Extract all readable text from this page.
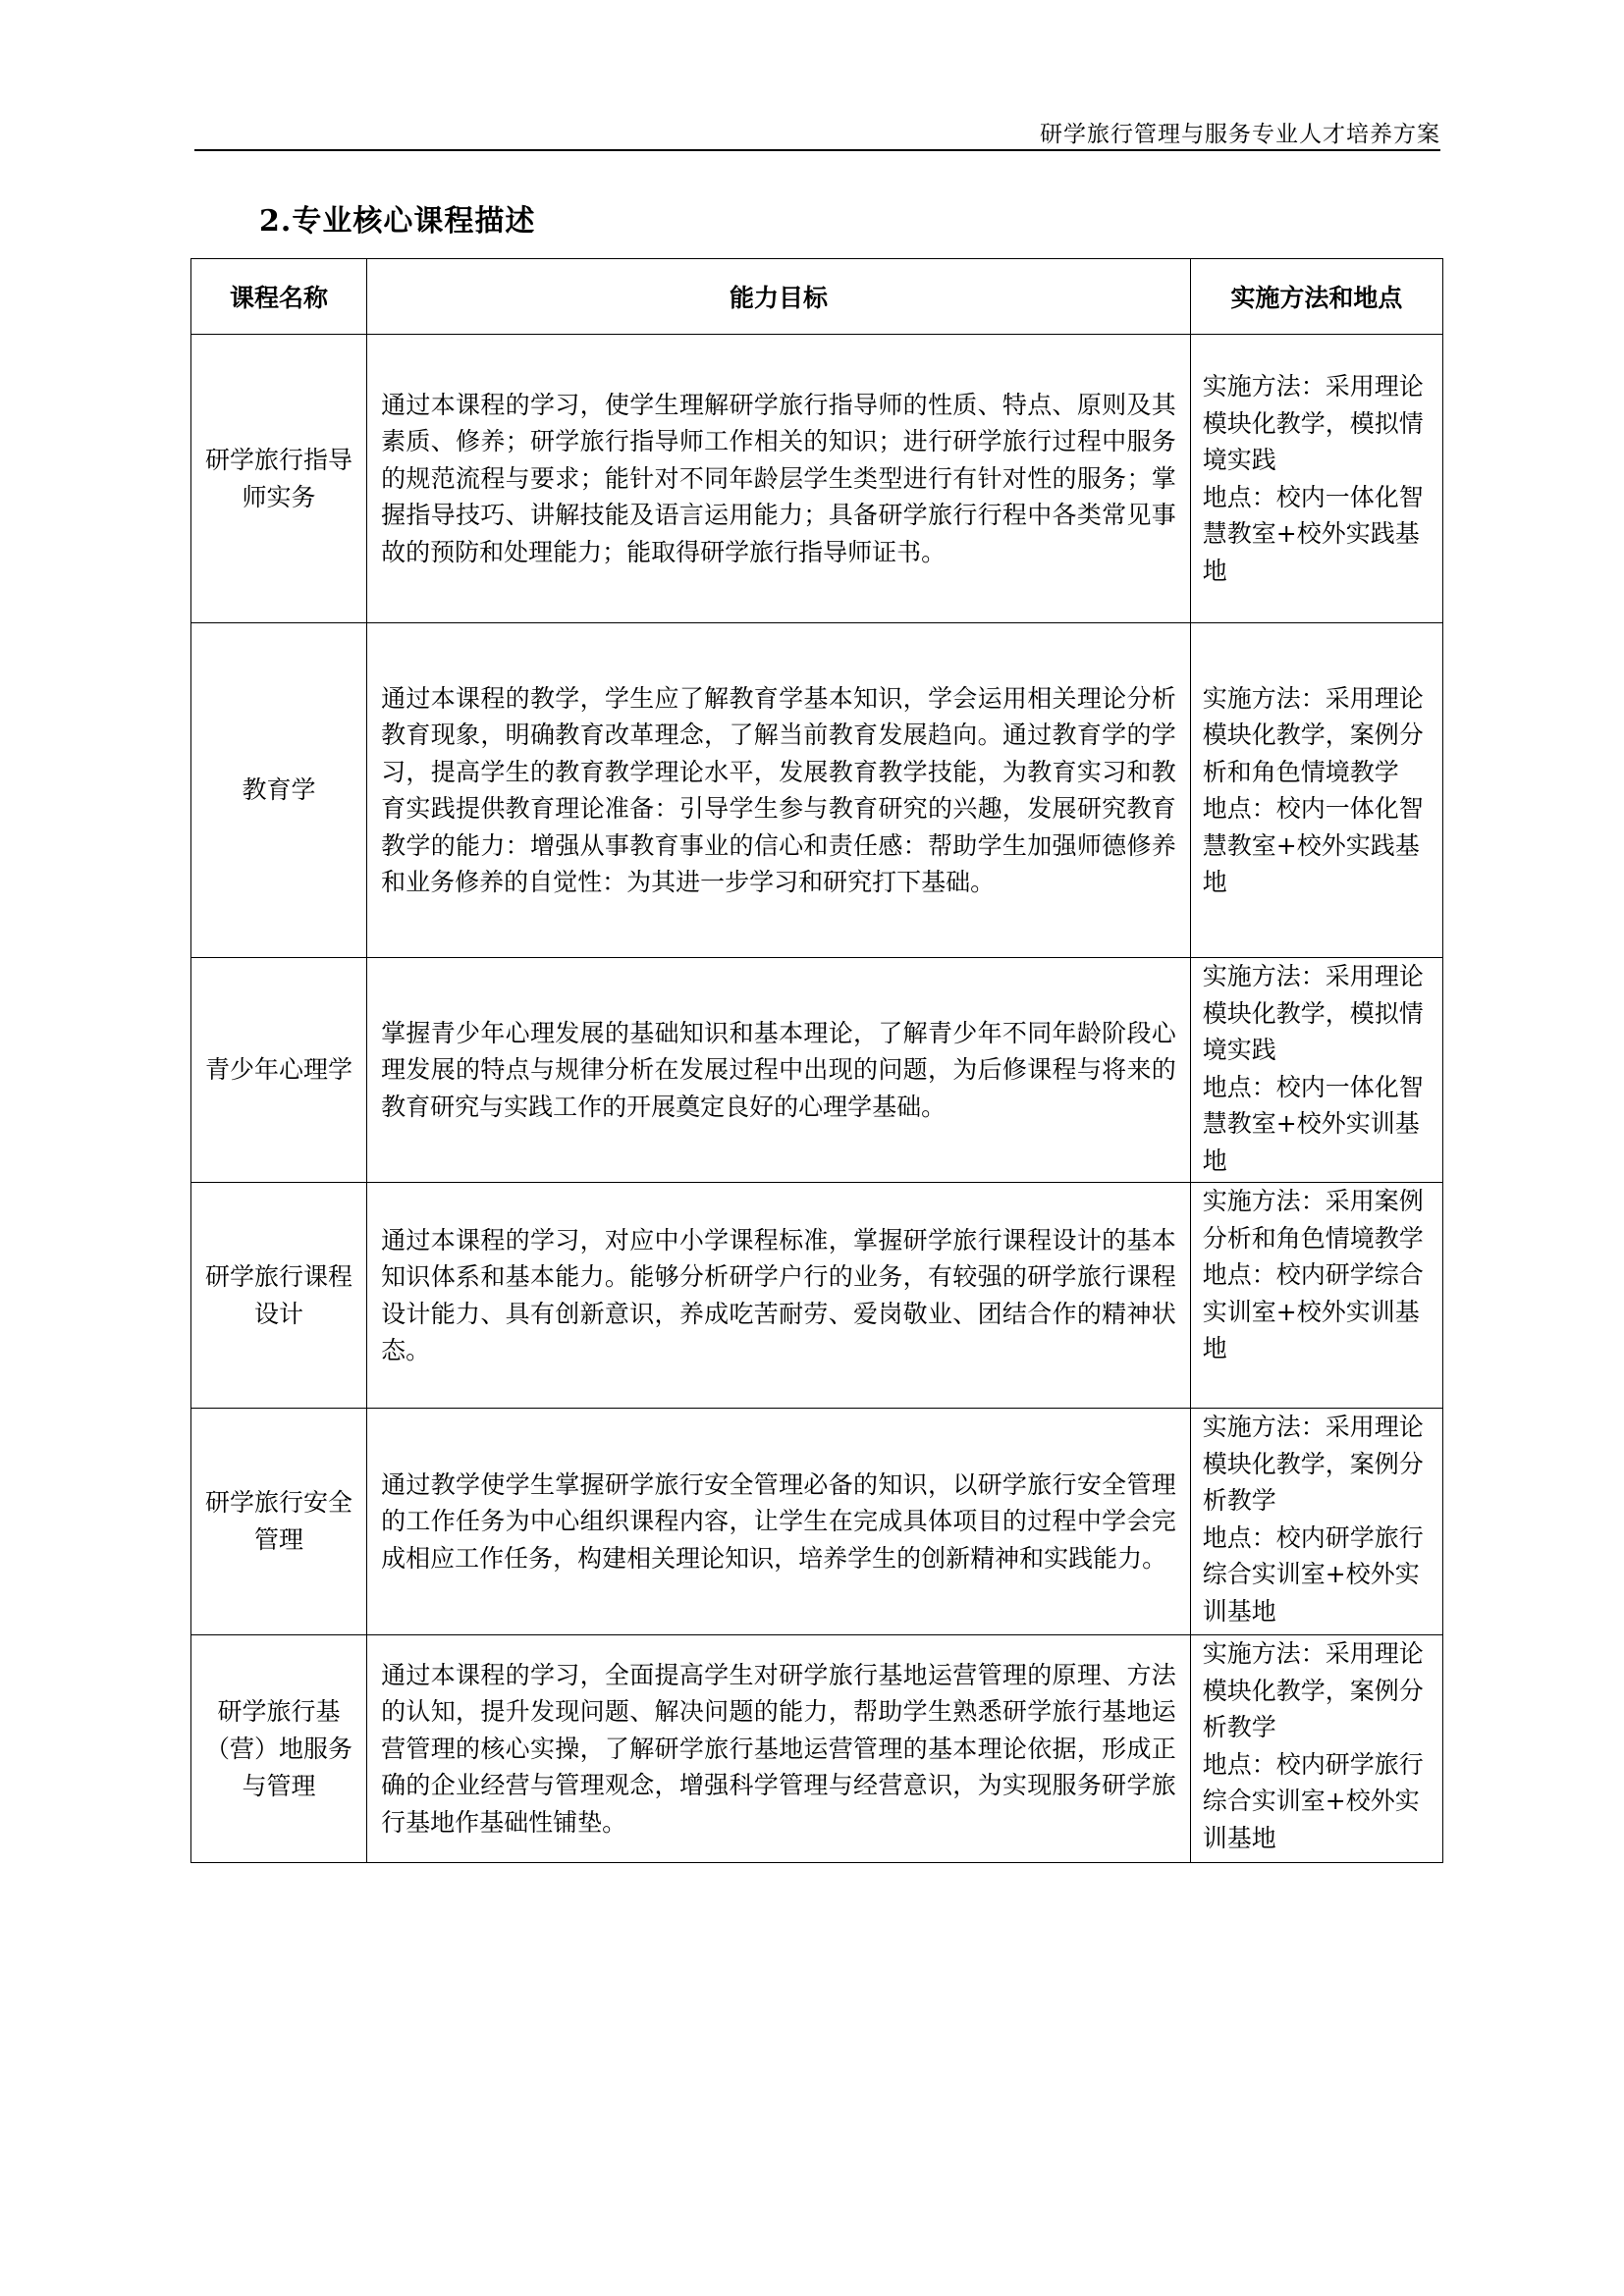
研学旅行管理与服务专业人才培养方案
2.专业核心课程描述
课程名称	能力目标	实施方法和地点
研学旅行指导师实务	通过本课程的学习，使学生理解研学旅行指导师的性质、特点、原则及其素质、修养；研学旅行指导师工作相关的知识；进行研学旅行过程中服务的规范流程与要求；能针对不同年龄层学生类型进行有针对性的服务；掌握指导技巧、讲解技能及语言运用能力；具备研学旅行行程中各类常见事故的预防和处理能力；能取得研学旅行指导师证书。	实施方法：采用理论模块化教学，模拟情境实践
地点：校内一体化智慧教室+校外实践基地

教育学	通过本课程的教学，学生应了解教育学基本知识，学会运用相关理论分析教育现象，明确教育改革理念，了解当前教育发展趋向。通过教育学的学习，提高学生的教育教学理论水平，发展教育教学技能，为教育实习和教育实践提供教育理论准备：引导学生参与教育研究的兴趣，发展研究教育教学的能力：增强从事教育事业的信心和责任感：帮助学生加强师德修养和业务修养的自觉性：为其进一步学习和研究打下基础。	实施方法：采用理论模块化教学，案例分析和角色情境教学
地点：校内一体化智慧教室+校外实践基地

青少年心理学	掌握青少年心理发展的基础知识和基本理论，了解青少年不同年龄阶段心理发展的特点与规律分析在发展过程中出现的问题，为后修课程与将来的教育研究与实践工作的开展奠定良好的心理学基础。	实施方法：采用理论模块化教学，模拟情境实践
地点：校内一体化智慧教室+校外实训基地

研学旅行课程设计	通过本课程的学习，对应中小学课程标准，掌握研学旅行课程设计的基本知识体系和基本能力。能够分析研学户行的业务，有较强的研学旅行课程设计能力、具有创新意识，养成吃苦耐劳、爱岗敬业、团结合作的精神状态。	实施方法：采用案例分析和角色情境教学
地点：校内研学综合实训室+校外实训基地

研学旅行安全管理	通过教学使学生掌握研学旅行安全管理必备的知识，以研学旅行安全管理的工作任务为中心组织课程内容，让学生在完成具体项目的过程中学会完成相应工作任务，构建相关理论知识，培养学生的创新精神和实践能力。	实施方法：采用理论模块化教学，案例分析教学
地点：校内研学旅行综合实训室+校外实训基地

研学旅行基（营）地服务与管理	通过本课程的学习，全面提高学生对研学旅行基地运营管理的原理、方法的认知，提升发现问题、解决问题的能力，帮助学生熟悉研学旅行基地运营管理的核心实操，了解研学旅行基地运营管理的基本理论依据，形成正确的企业经营与管理观念，增强科学管理与经营意识，为实现服务研学旅行基地作基础性铺垫。	实施方法：采用理论模块化教学，案例分析教学
地点：校内研学旅行综合实训室+校外实训基地
